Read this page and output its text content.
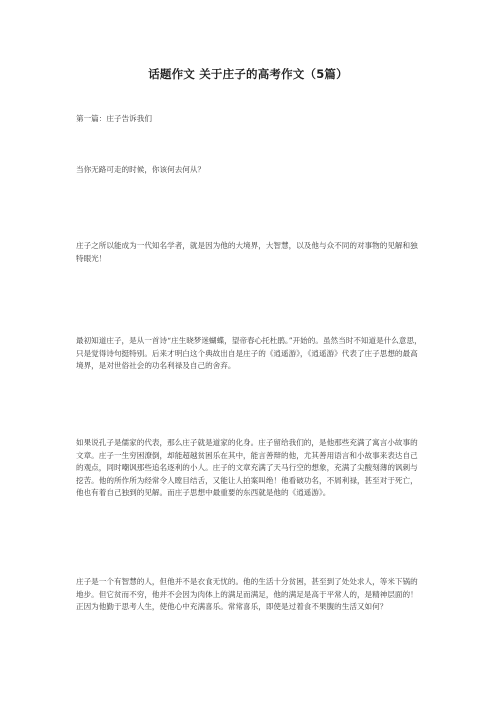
话题作文 关于庄子的高考作文（5篇）

第一篇：庄子告诉我们

当你无路可走的时候，你该何去何从？

庄子之所以能成为一代知名学者，就是因为他的大境界，大智慧，以及他与众不同的对事物的见解和独特眼光！

最初知道庄子，是从一首诗“庄生晓梦迷蝴蝶，望帝春心托杜鹃。”开始的。虽然当时不知道是什么意思，只是觉得诗句挺特别。后来才明白这个典故出自是庄子的《逍遥游》，《逍遥游》代表了庄子思想的最高境界，是对世俗社会的功名利禄及自己的舍弃。

如果说孔子是儒家的代表，那么庄子就是道家的化身。庄子留给我们的，是他那些充满了寓言小故事的文章。庄子一生穷困潦倒，却能超越贫困乐在其中，能言善辩的他，尤其善用语言和小故事来表达自己的观点，同时嘲讽那些追名逐利的小人。庄子的文章充满了天马行空的想象，充满了尖酸刻薄的讽刺与挖苦。他的所作所为经常令人瞠目结舌，又能让人拍案叫绝！他看破功名，不屑利禄，甚至对于死亡，他也有着自己独到的见解。而庄子思想中最重要的东西就是他的《逍遥游》。

庄子是一个有智慧的人，但他并不是衣食无忧的。他的生活十分贫困，甚至到了处处求人，等米下锅的地步。但它贫而不穷，他并不会因为肉体上的满足而满足，他的满足是高于平常人的，是精神层面的！正因为他勤于思考人生，使他心中充满喜乐。常常喜乐，即使是过着食不果腹的生活又如何？
